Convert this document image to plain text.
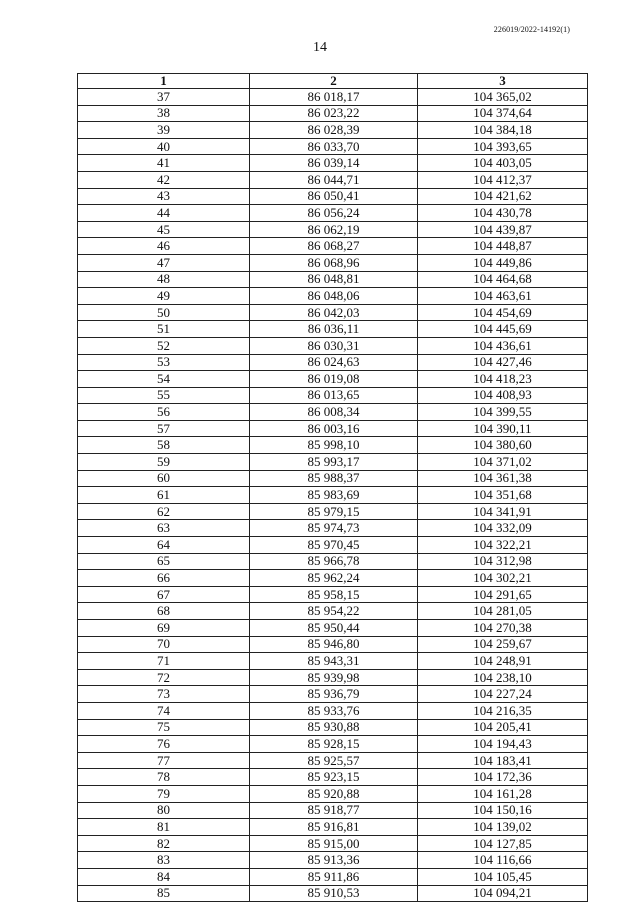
226019/2022-14192(1)
14
1	2	3
37	86 018,17	104 365,02
38	86 023,22	104 374,64
39	86 028,39	104 384,18
40	86 033,70	104 393,65
41	86 039,14	104 403,05
42	86 044,71	104 412,37
43	86 050,41	104 421,62
44	86 056,24	104 430,78
45	86 062,19	104 439,87
46	86 068,27	104 448,87
47	86 068,96	104 449,86
48	86 048,81	104 464,68
49	86 048,06	104 463,61
50	86 042,03	104 454,69
51	86 036,11	104 445,69
52	86 030,31	104 436,61
53	86 024,63	104 427,46
54	86 019,08	104 418,23
55	86 013,65	104 408,93
56	86 008,34	104 399,55
57	86 003,16	104 390,11
58	85 998,10	104 380,60
59	85 993,17	104 371,02
60	85 988,37	104 361,38
61	85 983,69	104 351,68
62	85 979,15	104 341,91
63	85 974,73	104 332,09
64	85 970,45	104 322,21
65	85 966,78	104 312,98
66	85 962,24	104 302,21
67	85 958,15	104 291,65
68	85 954,22	104 281,05
69	85 950,44	104 270,38
70	85 946,80	104 259,67
71	85 943,31	104 248,91
72	85 939,98	104 238,10
73	85 936,79	104 227,24
74	85 933,76	104 216,35
75	85 930,88	104 205,41
76	85 928,15	104 194,43
77	85 925,57	104 183,41
78	85 923,15	104 172,36
79	85 920,88	104 161,28
80	85 918,77	104 150,16
81	85 916,81	104 139,02
82	85 915,00	104 127,85
83	85 913,36	104 116,66
84	85 911,86	104 105,45
85	85 910,53	104 094,21
